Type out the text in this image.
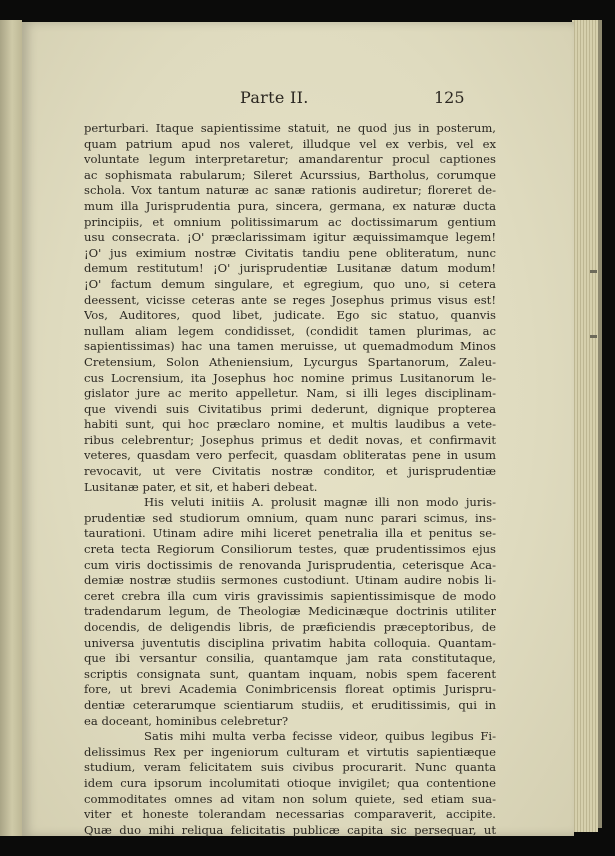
Parte II.	125
perturbari. Itaque sapientissime statuit, ne quod jus in posterum,
quam patrium apud nos valeret, illudque vel ex verbis, vel ex
voluntate legum interpretaretur; amandarentur procul captiones
ac sophismata rabularum; Sileret Acurssius, Bartholus, corumque
schola. Vox tantum naturæ ac sanæ rationis audiretur; floreret de-
mum illa Jurisprudentia pura, sincera, germana, ex naturæ ducta
principiis, et omnium politissimarum ac doctissimarum gentium
usu consecrata. ¡O' præclarissimam igitur æquissimamque legem!
¡O' jus eximium nostræ Civitatis tandiu pene obliteratum, nunc
demum restitutum! ¡O' jurisprudentiæ Lusitanæ datum modum!
¡O' factum demum singulare, et egregium, quo uno, si cetera
deessent, vicisse ceteras ante se reges Josephus primus visus est!
Vos, Auditores, quod libet, judicate. Ego sic statuo, quanvis
nullam aliam legem condidisset, (condidit tamen plurimas, ac
sapientissimas) hac una tamen meruisse, ut quemadmodum Minos
Cretensium, Solon Atheniensium, Lycurgus Spartanorum, Zaleu-
cus Locrensium, ita Josephus hoc nomine primus Lusitanorum le-
gislator jure ac merito appelletur. Nam, si illi leges disciplinam-
que vivendi suis Civitatibus primi dederunt, dignique propterea
habiti sunt, qui hoc præclaro nomine, et multis laudibus a vete-
ribus celebrentur; Josephus primus et dedit novas, et confirmavit
veteres, quasdam vero perfecit, quasdam obliteratas pene in usum
revocavit, ut vere Civitatis nostræ conditor, et jurisprudentiæ
Lusitanæ pater, et sit, et haberi debeat.
His veluti initiis A. prolusit magnæ illi non modo juris-
prudentiæ sed studiorum omnium, quam nunc parari scimus, ins-
taurationi. Utinam adire mihi liceret penetralia illa et penitus se-
creta tecta Regiorum Consiliorum testes, quæ prudentissimos ejus
cum viris doctissimis de renovanda Jurisprudentia, ceterisque Aca-
demiæ nostræ studiis sermones custodiunt. Utinam audire nobis li-
ceret crebra illa cum viris gravissimis sapientissimisque de modo
tradendarum legum, de Theologiæ Medicinæque doctrinis utiliter
docendis, de deligendis libris, de præficiendis præceptoribus, de
universa juventutis disciplina privatim habita colloquia. Quantam-
que ibi versantur consilia, quantamque jam rata constitutaque,
scriptis consignata sunt, quantam inquam, nobis spem facerent
fore, ut brevi Academia Conimbricensis floreat optimis Jurispru-
dentiæ ceterarumque scientiarum studiis, et eruditissimis, qui in
ea doceant, hominibus celebretur?
Satis mihi multa verba fecisse videor, quibus legibus Fi-
delissimus Rex per ingeniorum culturam et virtutis sapientiæque
studium, veram felicitatem suis civibus procurarit. Nunc quanta
idem cura ipsorum incolumitati otioque invigilet; qua contentione
commoditates omnes ad vitam non solum quiete, sed etiam sua-
viter et honeste tolerandam necessarias comparaverit, accipite.
Quæ duo mihi reliqua felicitatis publicæ capita sic persequar, ut
